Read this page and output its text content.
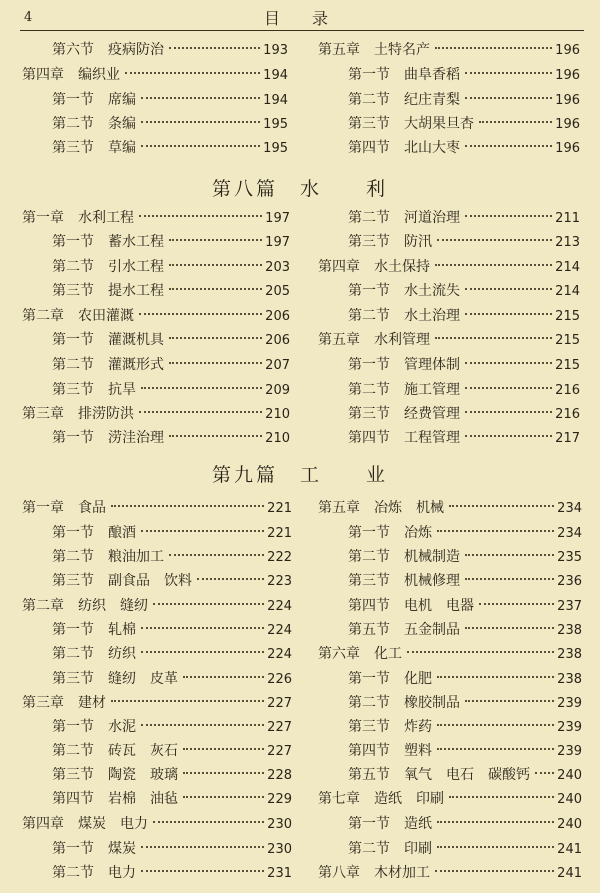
4	目　录
第八篇　水　　利
第九篇　工　　业
第六节　疫病防治	193
第四章　编织业	194
第一节　席编	194
第二节　条编	195
第三节　草编	195
第五章　土特名产	196
第一节　曲阜香稻	196
第二节　纪庄青梨	196
第三节　大胡果旦杏	196
第四节　北山大枣	196
第一章　水利工程	197
第一节　蓄水工程	197
第二节　引水工程	203
第三节　提水工程	205
第二章　农田灌溉	206
第一节　灌溉机具	206
第二节　灌溉形式	207
第三节　抗旱	209
第三章　排涝防洪	210
第一节　涝洼治理	210
第二节　河道治理	211
第三节　防汛	213
第四章　水土保持	214
第一节　水土流失	214
第二节　水土治理	215
第五章　水利管理	215
第一节　管理体制	215
第二节　施工管理	216
第三节　经费管理	216
第四节　工程管理	217
第一章　食品	221
第一节　酿酒	221
第二节　粮油加工	222
第三节　副食品　饮料	223
第二章　纺织　缝纫	224
第一节　轧棉	224
第二节　纺织	224
第三节　缝纫　皮革	226
第三章　建材	227
第一节　水泥	227
第二节　砖瓦　灰石	227
第三节　陶瓷　玻璃	228
第四节　岩棉　油毡	229
第四章　煤炭　电力	230
第一节　煤炭	230
第二节　电力	231
第五章　冶炼　机械	234
第一节　冶炼	234
第二节　机械制造	235
第三节　机械修理	236
第四节　电机　电器	237
第五节　五金制品	238
第六章　化工	238
第一节　化肥	238
第二节　橡胶制品	239
第三节　炸药	239
第四节　塑料	239
第五节　氧气　电石　碳酸钙 240
第七章　造纸　印刷	240
第一节　造纸	240
第二节　印刷	241
第八章　木材加工	241
